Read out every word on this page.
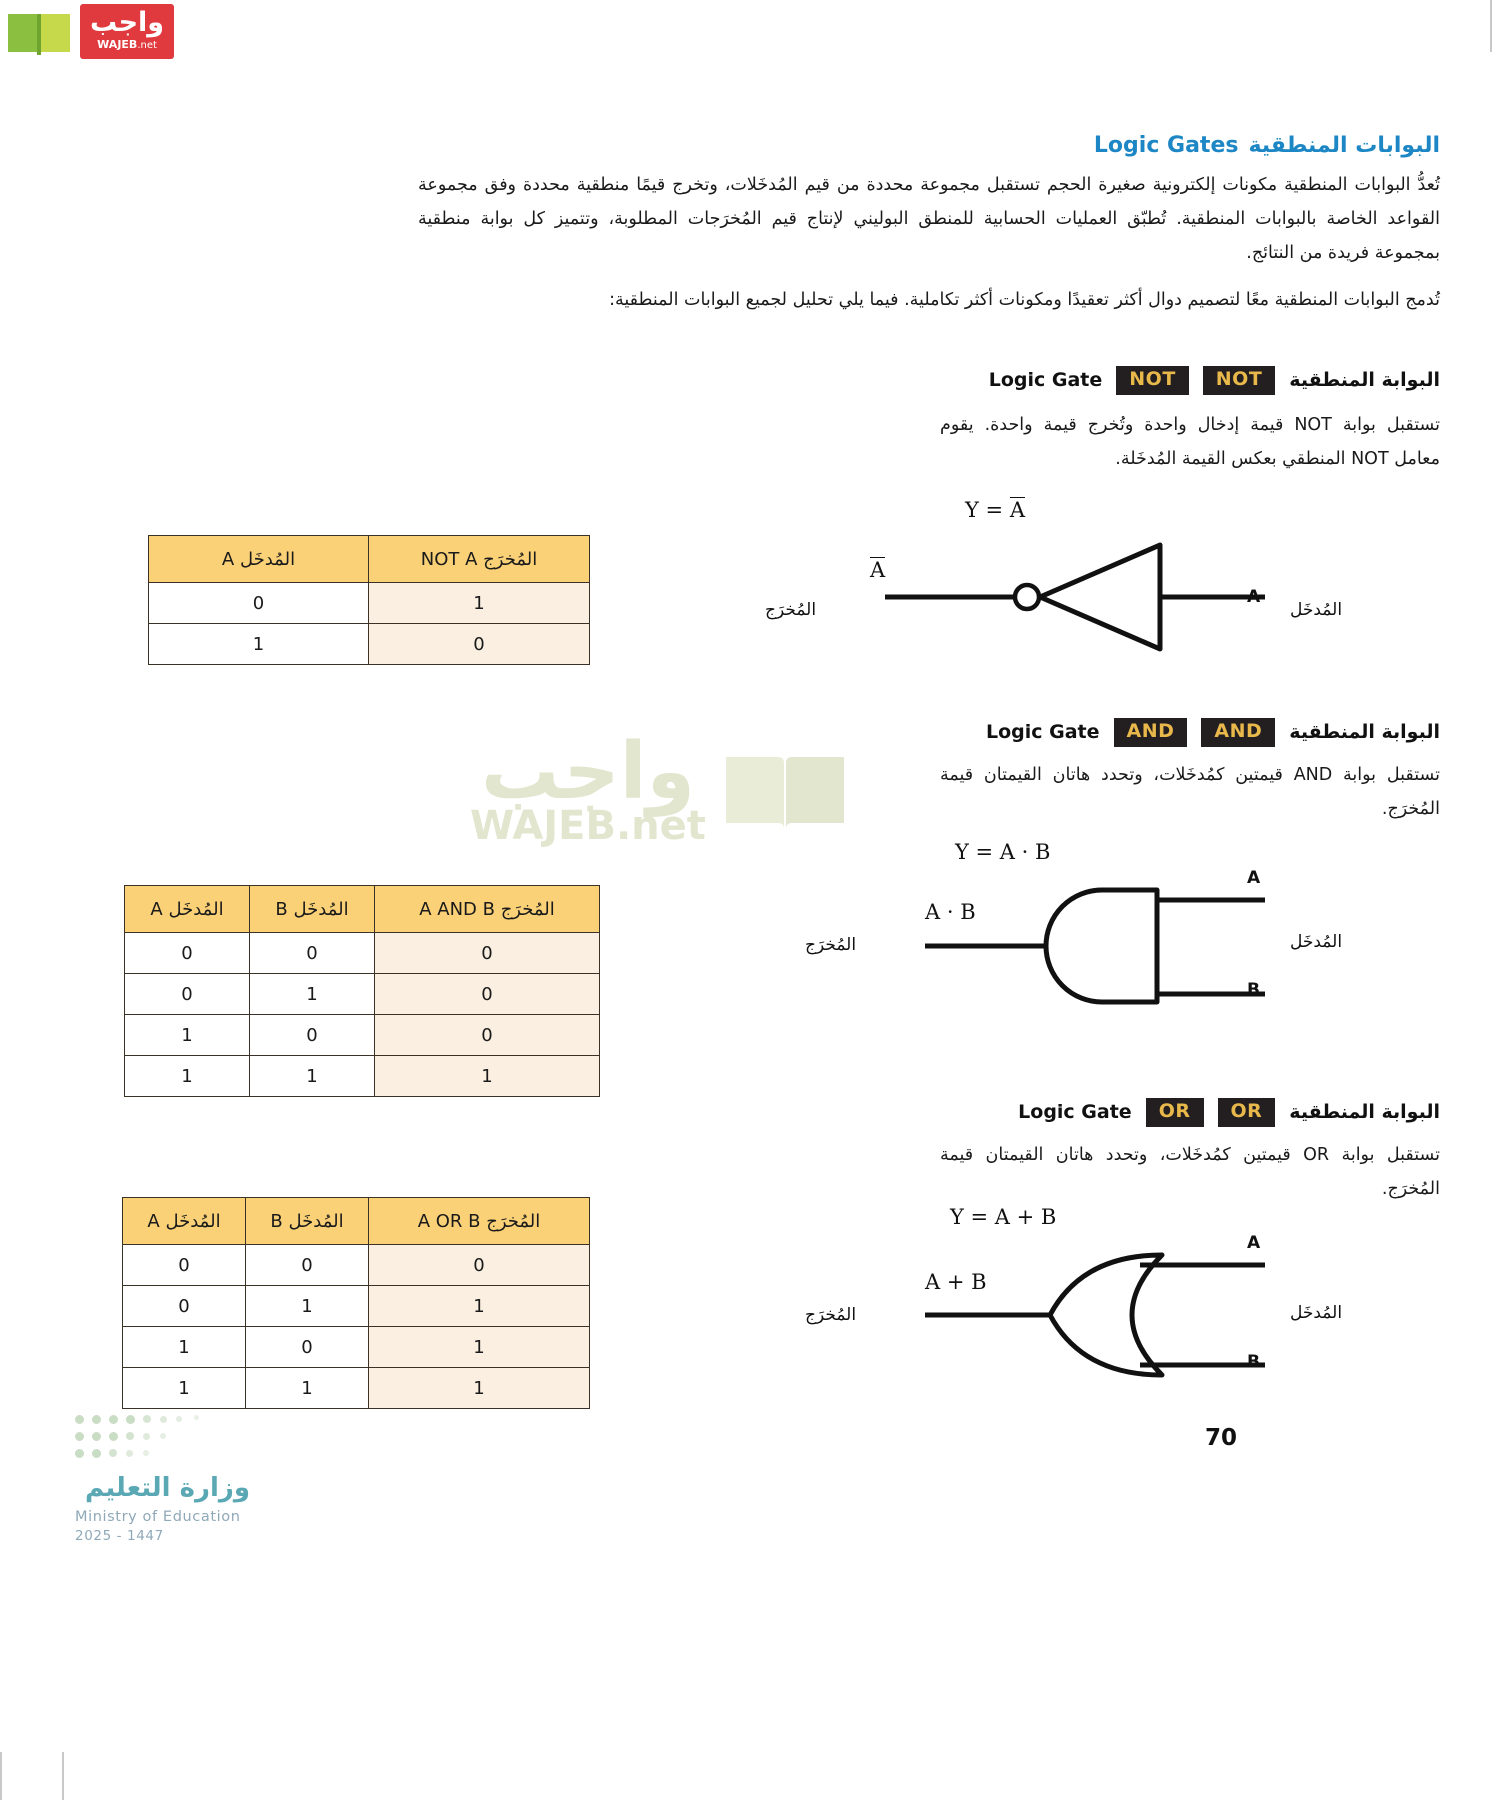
واجب
WAJEB.net
واجب
WAJEB.net
البوابات المنطقيةLogic Gates
تُعدُّ البوابات المنطقية مكونات إلكترونية صغيرة الحجم تستقبل مجموعة محددة من قيم المُدخَلات، وتخرج قيمًا منطقية محددة وفق مجموعة القواعد الخاصة بالبوابات المنطقية. تُطبّق العمليات الحسابية للمنطق البوليني لإنتاج قيم المُخرَجات المطلوبة، وتتميز كل بوابة منطقية بمجموعة فريدة من النتائج.
تُدمج البوابات المنطقية معًا لتصميم دوال أكثر تعقيدًا ومكونات أكثر تكاملية. فيما يلي تحليل لجميع البوابات المنطقية:
البوابة المنطقية
NOT
NOT
Logic Gate
تستقبل بوابة NOT قيمة إدخال واحدة وتُخرج قيمة واحدة. يقوم معامل NOT المنطقي بعكس القيمة المُدخَلة.
المُخرَج NOT A	المُدخَل A
1	0
0	1
Y = A
A
المُدخَل
A
المُخرَج
البوابة المنطقية
AND
AND
Logic Gate
تستقبل بوابة AND قيمتين كمُدخَلات، وتحدد هاتان القيمتان قيمة المُخرَج.
المُخرَج A AND B	المُدخَل B	المُدخَل A
0	0	0
0	1	0
0	0	1
1	1	1
Y = A · B
A
B
المُدخَل
A · B
المُخرَج
البوابة المنطقية
OR
OR
Logic Gate
تستقبل بوابة OR قيمتين كمُدخَلات، وتحدد هاتان القيمتان قيمة المُخرَج.
المُخرَج A OR B	المُدخَل B	المُدخَل A
0	0	0
1	1	0
1	0	1
1	1	1
Y = A + B
A
B
المُدخَل
A + B
المُخرَج
وزارة التعليم
Ministry of Education
2025 - 1447
70
